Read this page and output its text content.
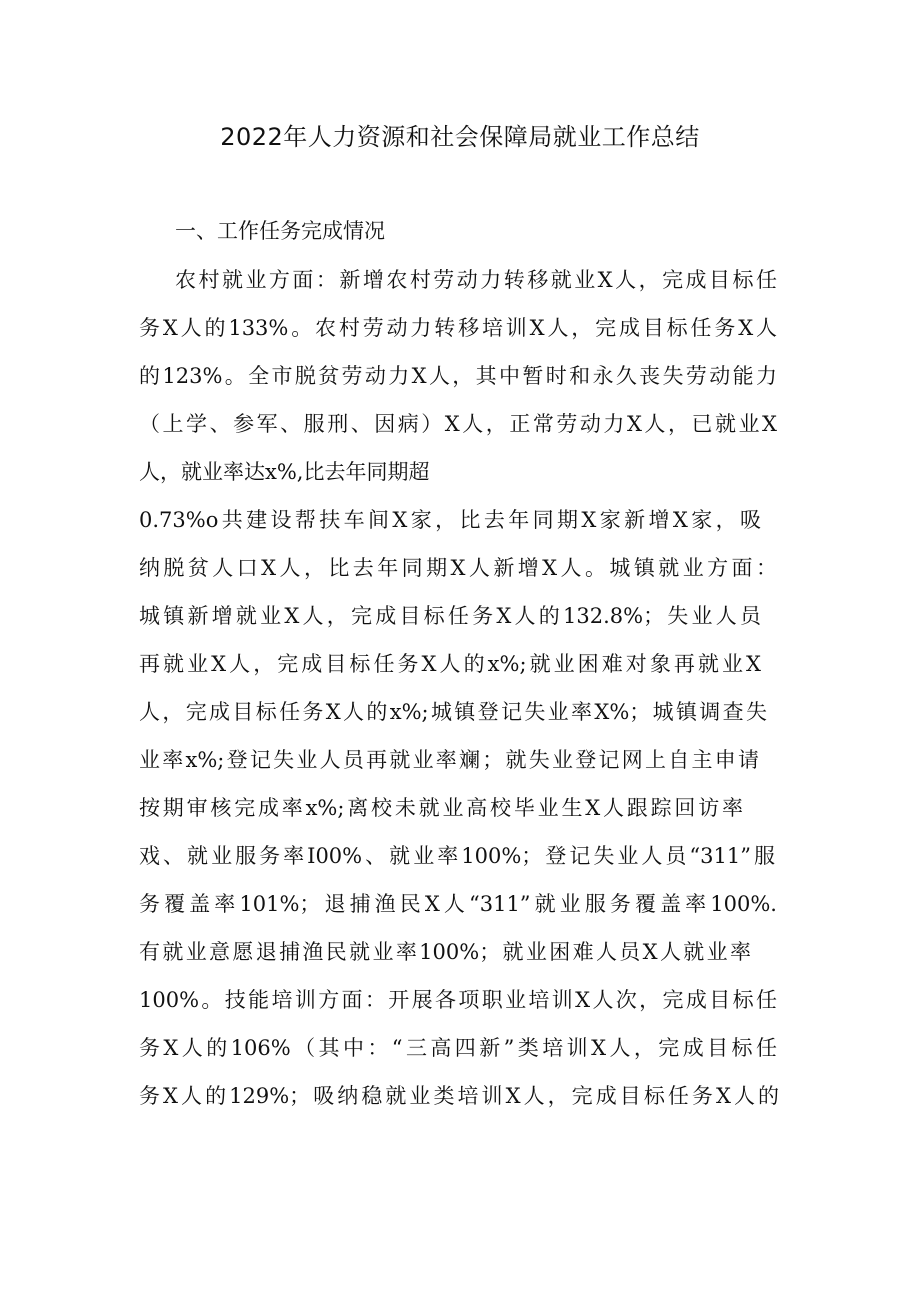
2022年人力资源和社会保障局就业工作总结
一、工作任务完成情况
农村就业方面：新增农村劳动力转移就业X人，完成目标任
务X人的133%。农村劳动力转移培训X人，完成目标任务X人
的123%。全市脱贫劳动力X人，其中暂时和永久丧失劳动能力
（上学、参军、服刑、因病）X人，正常劳动力X人，已就业X
人，就业率达x%,比去年同期超
0.73%o共建设帮扶车间X家，比去年同期X家新增X家，吸
纳脱贫人口X人，比去年同期X人新增X人。城镇就业方面：
城镇新增就业X人，完成目标任务X人的132.8%；失业人员
再就业X人，完成目标任务X人的x%;就业困难对象再就业X
人，完成目标任务X人的x%;城镇登记失业率X%；城镇调查失
业率x%;登记失业人员再就业率斓；就失业登记网上自主申请
按期审核完成率x%;离校未就业高校毕业生X人跟踪回访率
戏、就业服务率I00%、就业率100%；登记失业人员“311”服
务覆盖率101%；退捕渔民X人“311”就业服务覆盖率100%.
有就业意愿退捕渔民就业率100%；就业困难人员X人就业率
100%。技能培训方面：开展各项职业培训X人次，完成目标任
务X人的106%（其中：“三高四新”类培训X人，完成目标任
务X人的129%；吸纳稳就业类培训X人，完成目标任务X人的
